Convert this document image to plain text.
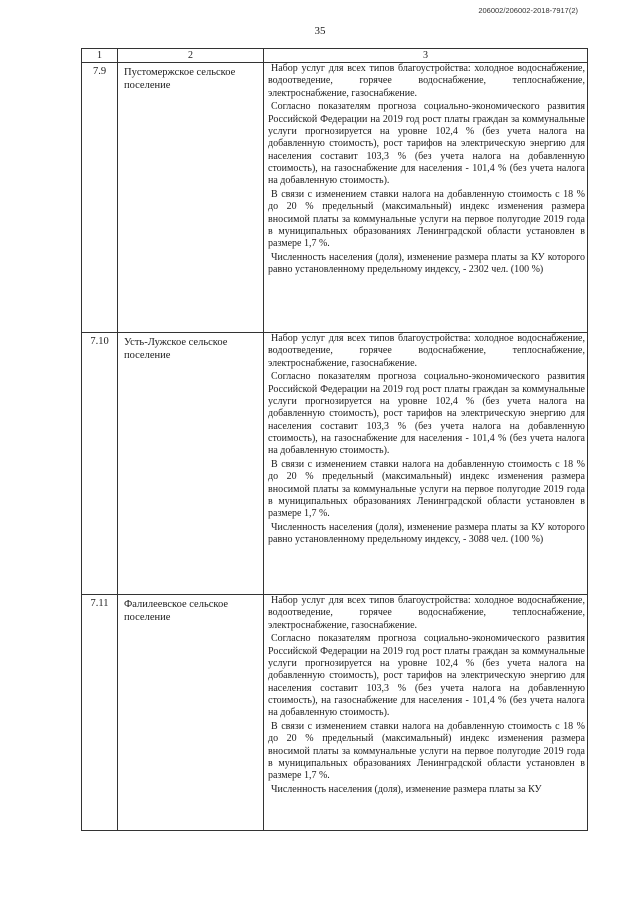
206002/206002-2018-7917(2)
35
1	2	3
7.9	Пустомержское сельское поселение	Набор услуг для всех типов благоустройства: холодное водоснабжение, водоотведение, горячее водоснабжение, теплоснабжение, электроснабжение, газоснабжение.

Согласно показателям прогноза социально-экономического развития Российской Федерации на 2019 год рост платы граждан за коммунальные услуги прогнозируется на уровне 102,4 % (без учета налога на добавленную стоимость), рост тарифов на электрическую энергию для населения составит 103,3 % (без учета налога на добавленную стоимость), на газоснабжение для населения - 101,4 % (без учета налога на добавленную стоимость).

В связи с изменением ставки налога на добавленную стоимость с 18 % до 20 % предельный (максимальный) индекс изменения размера вносимой платы за коммунальные услуги на первое полугодие 2019 года в муниципальных образованиях Ленинградской области установлен в размере 1,7 %.

Численность населения (доля), изменение размера платы за КУ которого равно установленному предельному индексу, - 2302 чел. (100 %)

7.10	Усть-Лужское сельское поселение	Набор услуг для всех типов благоустройства: холодное водоснабжение, водоотведение, горячее водоснабжение, теплоснабжение, электроснабжение, газоснабжение.

Согласно показателям прогноза социально-экономического развития Российской Федерации на 2019 год рост платы граждан за коммунальные услуги прогнозируется на уровне 102,4 % (без учета налога на добавленную стоимость), рост тарифов на электрическую энергию для населения составит 103,3 % (без учета налога на добавленную стоимость), на газоснабжение для населения - 101,4 % (без учета налога на добавленную стоимость).

В связи с изменением ставки налога на добавленную стоимость с 18 % до 20 % предельный (максимальный) индекс изменения размера вносимой платы за коммунальные услуги на первое полугодие 2019 года в муниципальных образованиях Ленинградской области установлен в размере 1,7 %.

Численность населения (доля), изменение размера платы за КУ которого равно установленному предельному индексу, - 3088 чел. (100 %)

7.11	Фалилеевское сельское поселение	Набор услуг для всех типов благоустройства: холодное водоснабжение, водоотведение, горячее водоснабжение, теплоснабжение, электроснабжение, газоснабжение.

Согласно показателям прогноза социально-экономического развития Российской Федерации на 2019 год рост платы граждан за коммунальные услуги прогнозируется на уровне 102,4 % (без учета налога на добавленную стоимость), рост тарифов на электрическую энергию для населения составит 103,3 % (без учета налога на добавленную стоимость), на газоснабжение для населения - 101,4 % (без учета налога на добавленную стоимость).

В связи с изменением ставки налога на добавленную стоимость с 18 % до 20 % предельный (максимальный) индекс изменения размера вносимой платы за коммунальные услуги на первое полугодие 2019 года в муниципальных образованиях Ленинградской области установлен в размере 1,7 %.

Численность населения (доля), изменение размера платы за КУ
